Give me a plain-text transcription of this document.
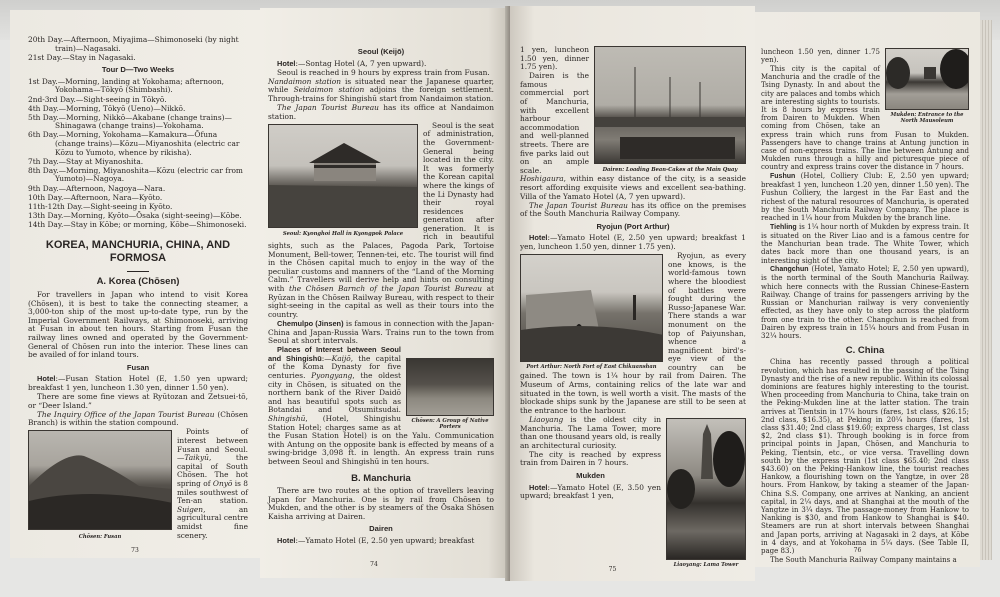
20th Day.—Afternoon, Miyajima—Shimonoseki (by night train)—Nagasaki.

21st Day.—Stay in Nagasaki.

Tour D—Two Weeks

1st Day.—Morning, landing at Yokohama; afternoon, Yokohama—Tōkyō (Shimbashi).

2nd-3rd Day.—Sight-seeing in Tōkyō.

4th Day.—Morning, Tōkyō (Ueno)—Nikkō.

5th Day.—Morning, Nikkō—Akabane (change trains)—Shinagawa (change trains)—Yokohama.

6th Day.—Morning, Yokohama—Kamakura—Ōfuna (change trains)—Kōzu—Miyanoshita (electric car Kōzu to Yumoto, whence by rikisha).

7th Day.—Stay at Miyanoshita.

8th Day.—Morning, Miyanoshita—Kōzu (electric car from Yumoto)—Nagoya.

9th Day.—Afternoon, Nagoya—Nara.

10th Day.—Afternoon, Nara—Kyōto.

11th-12th Day.—Sight-seeing in Kyōto.

13th Day.—Morning, Kyōto—Ōsaka (sight-seeing)—Kōbe.

14th Day.—Stay in Kōbe; or morning, Kōbe—Shimonoseki.

KOREA, MANCHURIA, CHINA, AND FORMOSA
A. Korea (Chōsen)

For travellers in Japan who intend to visit Korea (Chōsen), it is best to take the connecting steamer, a 3,000-ton ship of the most up-to-date type, run by the Imperial Government Railways, at Shimonoseki, arriving at Fusan in about ten hours. Starting from Fusan the railway lines owned and operated by the Government-General of Chōsen run into the interior. These lines can be availed of for inland tours.

Fusan

Hotel:—Fusan Station Hotel (E, 1.50 yen upward; breakfast 1 yen, luncheon 1.30 yen, dinner 1.50 yen).

There are some fine views at Ryūtozan and Zetsuei-tō, or “Deer Island.”

The Inquiry Office of the Japan Tourist Bureau (Chōsen Branch) is within the station compound.

Chōsen: Fusan

Points of interest between Fusan and Seoul.—Taikyū, the capital of South Chōsen. The hot spring of Onyō is 8 miles southwest of Ten-an station. Suigen, an agricultural centre amidst fine scenery.

73
Seoul (Keijō)

Hotel:—Sontag Hotel (A, 7 yen upward).

Seoul is reached in 9 hours by express train from Fusan.

Nandaimon station is situated near the Japanese quarter, while Seidaimon station adjoins the foreign settlement. Through-trains for Shingishū start from Nandaimon station.

The Japan Tourist Bureau has its office at Nandaimon station.

Seoul: Kyonghoi Hall in Kyongpok Palace

Seoul is the seat of administration, the Government-General being located in the city. It was formerly the Korean capital where the kings of the Li Dynasty had their royal residences generation after generation. It is rich in beautiful sights, such as the Palaces, Pagoda Park, Tortoise Monument, Bell-tower, Tennen-tei, etc. The tourist will find in the Chōsen capital much to enjoy in the way of the peculiar customs and manners of the “Land of the Morning Calm.” Travellers will derive help and hints on consulting with the Chōsen Barnch of the Japan Tourist Bureau at Ryūzan in the Chōsen Railway Bureau, with respect to their sight-seeing in the capital as well as their tours into the country.

Chemulpo (Jinsen) is famous in connection with the Japan-China and Japan-Russia Wars. Trains run to the town from Seoul at short intervals.

Chōsen: A Group of Native Porters

Places of Interest between Seoul and Shingishū:—Kaijō, the capital of the Koma Dynasty for five centuries. Pyongyang, the oldest city in Chōsen, is situated on the northern bank of the River Daidō and has beautiful spots such as Botandai and Otsumitsudai. Shingishū, (Hotel, Shingishu Station Hotel; charges same as at the Fusan Station Hotel) is on the Yalu. Communication with Antung on the opposite bank is effected by means of a swing-bridge 3,098 ft. in length. An express train runs between Seoul and Shingishū in ten hours.

B. Manchuria

There are two routes at the option of travellers leaving Japan for Manchuria. One is by rail from Chōsen to Mukden, and the other is by steamers of the Ōsaka Shōsen Kaisha arriving at Dairen.

Dairen

Hotel:—Yamato Hotel (E, 2.50 yen upward; breakfast

74
Dairen: Loading Bean-Cakes at the Main Quay

1 yen, luncheon 1.50 yen, dinner 1.75 yen).

Dairen is the famous commercial port of Manchuria, with excellent harbour accommodation and well-planned streets. There are five parks laid out on an ample scale. Hoshigaura, within easy distance of the city, is a seaside resort affording exquisite views and excellent sea-bathing. Villa of the Yamato Hotel (A, 7 yen upward).

The Japan Tourist Bureau has its office on the premises of the South Manchuria Railway Company.

Ryojun (Port Arthur)

Hotel:—Yamato Hotel (E, 2.50 yen upward; breakfast 1 yen, luncheon 1.50 yen, dinner 1.75 yen).

Port Arthur: North Fort of East Chikuanshan

Ryojun, as every one knows, is the world-famous town where the bloodiest of battles were fought during the Russo-Japanese War. There stands a war monument on the top of Paiyunshan, whence a magnificent bird's-eye view of the country can be gained. The town is 1¼ hour by rail from Dairen. The Museum of Arms, containing relics of the late war and situated in the town, is well worth a visit. The masts of the blockade ships sunk by the Japanese are still to be seen at the entrance to the harbour.

Liaoyang: Lama Tower

Liaoyang is the oldest city in Manchuria. The Lama Tower, more than one thousand years old, is really an architectural curiosity.

The city is reached by express train from Dairen in 7 hours.

Mukden

Hotel:—Yamato Hotel (E, 3.50 yen upward; breakfast 1 yen,

75
Mukden: Entrance to the North Mausoleum

luncheon 1.50 yen, dinner 1.75 yen).

This city is the capital of Manchuria and the cradle of the Tsing Dynasty. In and about the city are palaces and tombs which are interesting sights to tourists. It is 8 hours by express train from Dairen to Mukden. When coming from Chōsen, take an express train which runs from Fusan to Mukden. Passengers have to change trains at Antung junction in case of non-express trains. The line between Antung and Mukden runs through a hilly and picturesque piece of country and express trains cover the distance in 7 hours.

Fushun (Hotel, Colliery Club: E, 2.50 yen upward; breakfast 1 yen, luncheon 1.20 yen, dinner 1.50 yen). The Fushun Colliery, the largest in the Far East and the richest of the natural resources of Manchuria, is operated by the South Manchuria Railway Company. The place is reached in 1¼ hour from Mukden by the branch line.

Tiehling is 1¼ hour north of Mukden by express train. It is situated on the River Liao and is a famous centre for the Manchurian bean trade. The White Tower, which dates back more than one thousand years, is an interesting sight of the city.

Changchun (Hotel, Yamato Hotel; E, 2.50 yen upward), is the north terminal of the South Manchuria Railway. which here connects with the Russian Chinese-Eastern Railway. Change of trains for passengers arriving by the Russian or Manchurian railway is very conveniently effected, as they have only to step across the platform from one train to the other. Changchun is reached from Dairen by express train in 15¼ hours and from Fusan in 32¼ hours.

C. China

China has recently passed through a political revolution, which has resulted in the passing of the Tsing Dynasty and the rise of a new republic. Within its colossal dominions are features highly interesting to the tourist. When proceeding from Manchuria to China, take train on the Peking-Mukden line at the latter station. The train arrives at Tientsin in 17¼ hours (fares, 1st class, $26.15; 2nd class, $16.35), at Peking in 20¼ hours (fares, 1st class $31.40; 2nd class $19.60; express charges, 1st class $2, 2nd class $1). Through booking is in force from principal points in Japan, Chōsen, and Manchuria to Peking, Tientsin, etc., or vice versa. Travelling down south by the express train (1st class $65.40; 2nd class $43.60) on the Peking-Hankow line, the tourist reaches Hankow, a flourishing town on the Yangtze, in over 28 hours. From Hankow, by taking a steamer of the Japan-China S.S. Company, one arrives at Nanking, an ancient capital, in 2¼ days, and at Shanghai at the mouth of the Yangtze in 3¼ days. The passage-money from Hankow to Nanking is $30, and from Hankow to Shanghai is $40. Steamers are run at short intervals between Shanghai and Japan ports, arriving at Nagasaki in 2 days, at Kōbe in 4 days, and at Yokohama in 5¼ days. (See Table II, page 83.)

The South Manchuria Railway Company maintains a

76
